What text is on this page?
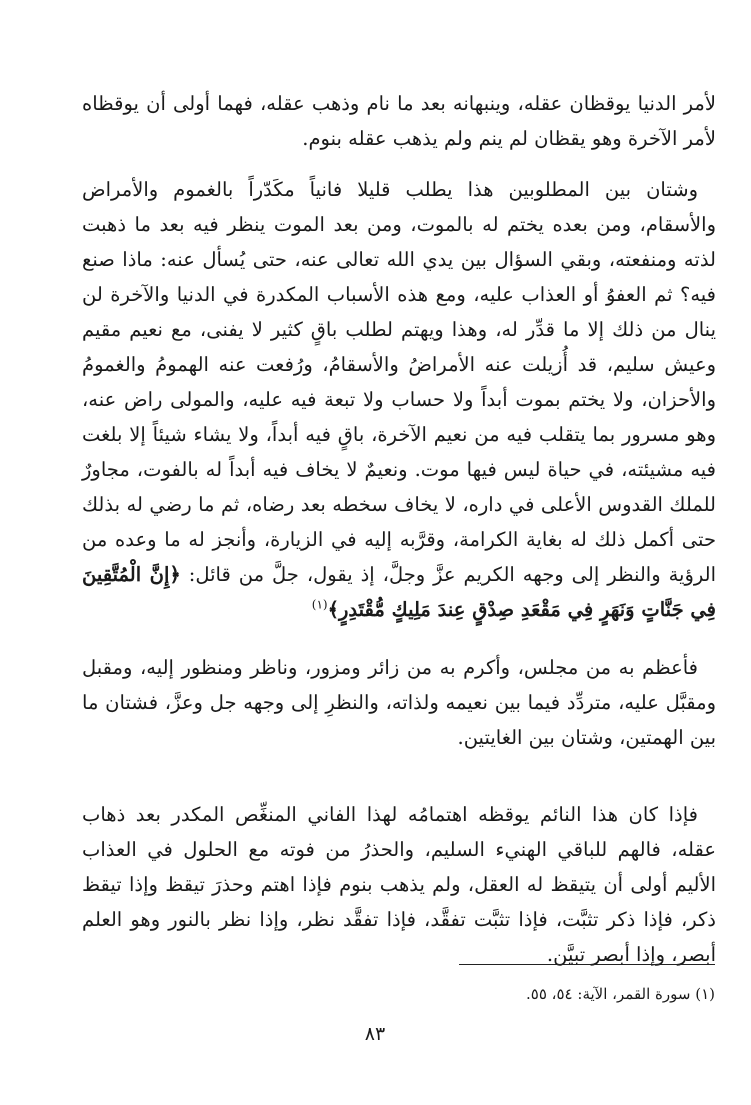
لأمر الدنيا يوقظان عقله، وينبهانه بعد ما نام وذهب عقله، فهما أولى أن يوقظاه لأمر الآخرة وهو يقظان لم ينم ولم يذهب عقله بنوم.

وشتان بين المطلوبين هذا يطلب قليلا فانياً مكَدّراً بالغموم والأمراض والأسقام، ومن بعده يختم له بالموت، ومن بعد الموت ينظر فيه بعد ما ذهبت لذته ومنفعته، وبقي السؤال بين يدي الله تعالى عنه، حتى يُسأل عنه: ماذا صنع فيه؟ ثم العفوُ أو العذاب عليه، ومع هذه الأسباب المكدرة في الدنيا والآخرة لن ينال من ذلك إلا ما قدِّر له، وهذا ويهتم لطلب باقٍ كثير لا يفنى، مع نعيم مقيم وعيش سليم، قد أُزيلت عنه الأمراضُ والأسقامُ، ورُفعت عنه الهمومُ والغمومُ والأحزان، ولا يختم بموت أبداً ولا حساب ولا تبعة فيه عليه، والمولى راض عنه، وهو مسرور بما يتقلب فيه من نعيم الآخرة، باقٍ فيه أبداً، ولا يشاء شيئاً إلا بلغت فيه مشيئته، في حياة ليس فيها موت. ونعيمٌ لا يخاف فيه أبداً له بالفوت، مجاورٌ للملك القدوس الأعلى في داره، لا يخاف سخطه بعد رضاه، ثم ما رضي له بذلك حتى أكمل ذلك له بغاية الكرامة، وقرَّبه إليه في الزيارة، وأنجز له ما وعده من الرؤية والنظر إلى وجهه الكريم عزَّ وجلَّ، إذ يقول، جلَّ من قائل: ﴿إِنَّ الْمُتَّقِينَ فِي جَنَّاتٍ وَنَهَرٍ فِي مَقْعَدِ صِدْقٍ عِندَ مَلِيكٍ مُّقْتَدِرٍ﴾$^{(١)}$

فأعظم به من مجلس، وأكرم به من زائر ومزور، وناظر ومنظور إليه، ومقبل ومقبَّل عليه، متردِّد فيما بين نعيمه ولذاته، والنظرِ إلى وجهه جل وعزَّ، فشتان ما بين الهمتين، وشتان بين الغايتين.

فإذا كان هذا النائم يوقظه اهتمامُه لهذا الفاني المنغِّص المكدر بعد ذهاب عقله، فالهم للباقي الهنيء السليم، والحذرُ من فوته مع الحلول في العذاب الأليم أولى أن يتيقظ له العقل، ولم يذهب بنوم فإذا اهتم وحذرَ تيقظ وإذا تيقظ ذكر، فإذا ذكر تثبَّت، فإذا تثبَّت تفقَّد، فإذا تفقَّد نظر، وإذا نظر بالنور وهو العلم أبصر، وإذا أبصر تبيَّن.

(١) سورة القمر، الآية: ٥٤، ٥٥.

٨٣
